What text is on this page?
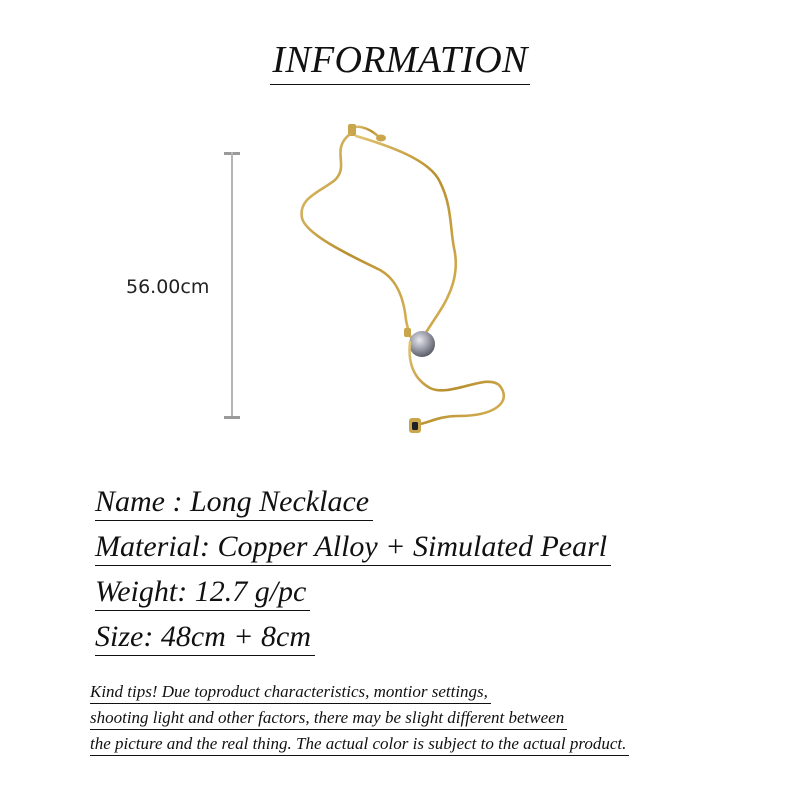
INFORMATION
56.00cm
Name : Long Necklace
Material: Copper Alloy + Simulated Pearl
Weight: 12.7 g/pc
Size: 48cm + 8cm
Kind tips! Due toproduct characteristics, montior settings,
shooting light and other factors, there may be slight different between
the picture and the real thing. The actual color is subject to the actual product.
